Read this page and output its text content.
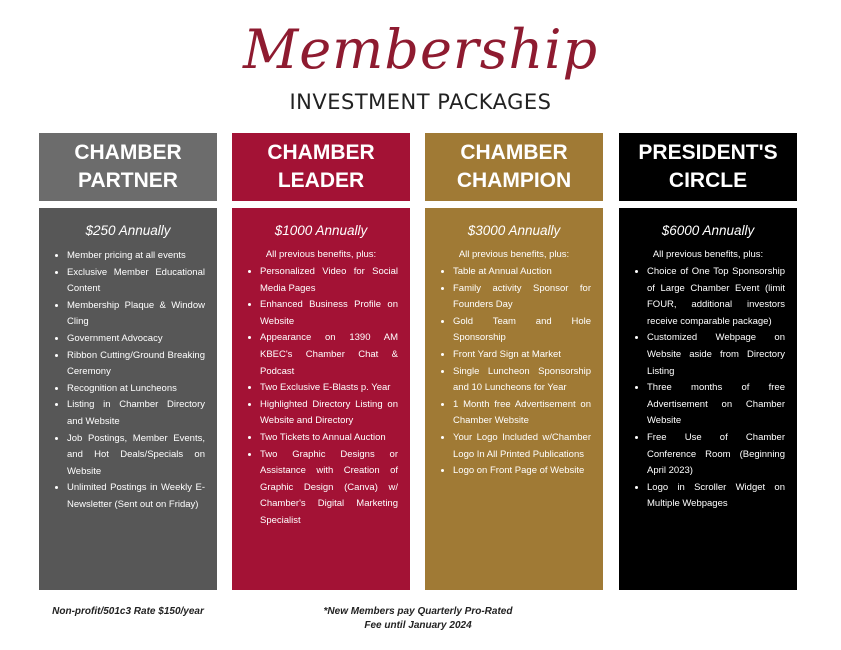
Membership
INVESTMENT PACKAGES
CHAMBER
PARTNER
$250 Annually
• Member pricing at all events
• Exclusive Member Educational Content
• Membership Plaque & Window Cling
• Government Advocacy
• Ribbon Cutting/Ground Breaking Ceremony
• Recognition at Luncheons
• Listing in Chamber Directory and Website
• Job Postings, Member Events, and Hot Deals/Specials on Website
• Unlimited Postings in Weekly E-Newsletter (Sent out on Friday)
CHAMBER
LEADER
$1000 Annually
All previous benefits, plus:
• Personalized Video for Social Media Pages
• Enhanced Business Profile on Website
• Appearance on 1390 AM KBEC's Chamber Chat & Podcast
• Two Exclusive E-Blasts p. Year
• Highlighted Directory Listing on Website and Directory
• Two Tickets to Annual Auction
• Two Graphic Designs or Assistance with Creation of Graphic Design (Canva) w/ Chamber's Digital Marketing Specialist
CHAMBER
CHAMPION
$3000 Annually
All previous benefits, plus:
• Table at Annual Auction
• Family activity Sponsor for Founders Day
• Gold Team and Hole Sponsorship
• Front Yard Sign at Market
• Single Luncheon Sponsorship and 10 Luncheons for Year
• 1 Month free Advertisement on Chamber Website
• Your Logo Included w/Chamber Logo In All Printed Publications
• Logo on Front Page of Website
PRESIDENT'S
CIRCLE
$6000 Annually
All previous benefits, plus:
• Choice of One Top Sponsorship of Large Chamber Event (limit FOUR, additional investors receive comparable package)
• Customized Webpage on Website aside from Directory Listing
• Three months of free Advertisement on Chamber Website
• Free Use of Chamber Conference Room (Beginning April 2023)
• Logo in Scroller Widget on Multiple Webpages
Non-profit/501c3 Rate $150/year	*New Members pay Quarterly Pro-Rated Fee until January 2024
